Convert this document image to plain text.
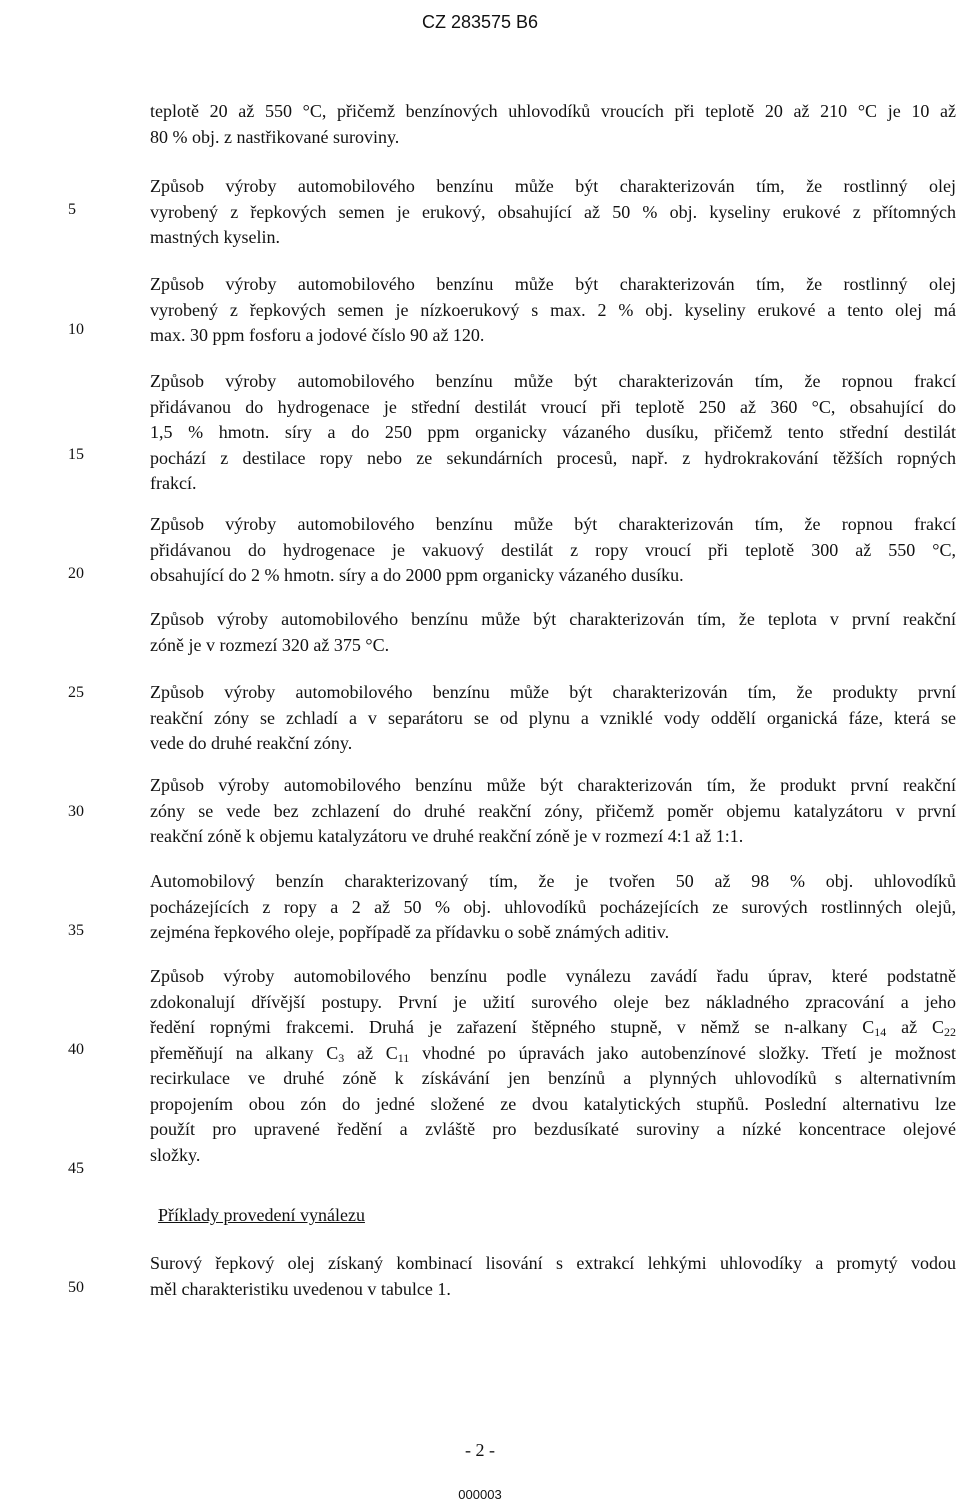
CZ 283575 B6
teplotě 20 až 550 °C, přičemž benzínových uhlovodíků vroucích při teplotě 20 až 210 °C je 10 až
80 % obj. z nastřikované suroviny.
Způsob výroby automobilového benzínu může být charakterizován tím, že rostlinný olej
vyrobený z řepkových semen je erukový, obsahující až 50 % obj. kyseliny erukové z přítomných
mastných kyselin.
Způsob výroby automobilového benzínu může být charakterizován tím, že rostlinný olej
vyrobený z řepkových semen je nízkoerukový s max. 2 % obj. kyseliny erukové a tento olej má
max. 30 ppm fosforu a jodové číslo 90 až 120.
Způsob výroby automobilového benzínu může být charakterizován tím, že ropnou frakcí
přidávanou do hydrogenace je střední destilát vroucí při teplotě 250 až 360 °C, obsahující do
1,5 % hmotn. síry a do 250 ppm organicky vázaného dusíku, přičemž tento střední destilát
pochází z destilace ropy nebo ze sekundárních procesů, např. z hydrokrakování těžších ropných
frakcí.
Způsob výroby automobilového benzínu může být charakterizován tím, že ropnou frakcí
přidávanou do hydrogenace je vakuový destilát z ropy vroucí při teplotě 300 až 550 °C,
obsahující do 2 % hmotn. síry a do 2000 ppm organicky vázaného dusíku.
Způsob výroby automobilového benzínu může být charakterizován tím, že teplota v první reakční
zóně je v rozmezí 320 až 375 °C.
Způsob výroby automobilového benzínu může být charakterizován tím, že produkty první
reakční zóny se zchladí a v separátoru se od plynu a vzniklé vody oddělí organická fáze, která se
vede do druhé reakční zóny.
Způsob výroby automobilového benzínu může být charakterizován tím, že produkt první reakční
zóny se vede bez zchlazení do druhé reakční zóny, přičemž poměr objemu katalyzátoru v první
reakční zóně k objemu katalyzátoru ve druhé reakční zóně je v rozmezí 4:1 až 1:1.
Automobilový benzín charakterizovaný tím, že je tvořen 50 až 98 % obj. uhlovodíků
pocházejících z ropy a 2 až 50 % obj. uhlovodíků pocházejících ze surových rostlinných olejů,
zejména řepkového oleje, popřípadě za přídavku o sobě známých aditiv.
Způsob výroby automobilového benzínu podle vynálezu zavádí řadu úprav, které podstatně
zdokonalují dřívější postupy. První je užití surového oleje bez nákladného zpracování a jeho
ředění ropnými frakcemi. Druhá je zařazení štěpného stupně, v němž se n-alkany $C_{14}$ až $C_{22}$
přeměňují na alkany $C_3$ až $C_{11}$ vhodné po úpravách jako autobenzínové složky. Třetí je možnost
recirkulace ve druhé zóně k získávání jen benzínů a plynných uhlovodíků s alternativním
propojením obou zón do jedné složené ze dvou katalytických stupňů. Poslední alternativu lze
použít pro upravené ředění a zvláště pro bezdusíkaté suroviny a nízké koncentrace olejové
složky.
Příklady provedení vynálezu
Surový řepkový olej získaný kombinací lisování s extrakcí lehkými uhlovodíky a promytý vodou
měl charakteristiku uvedenou v tabulce 1.
5
10
15
20
25
30
35
40
45
50
- 2 -
000003
